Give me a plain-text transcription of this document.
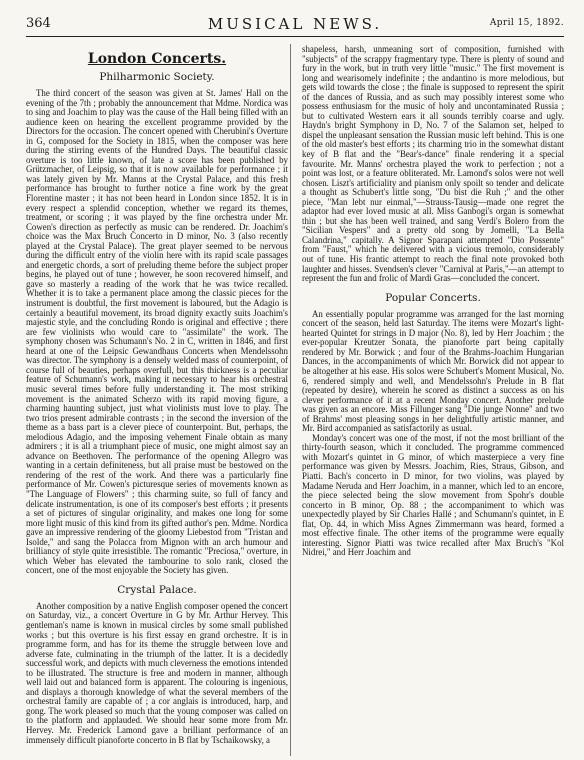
364	MUSICAL NEWS.	April 15, 1892.
London Concerts.
Philharmonic Society.

The third concert of the season was given at St. James' Hall on the evening of the 7th ; probably the announcement that Mdme. Nordica was to sing and Joachim to play was the cause of the Hall being filled with an audience keen on hearing the excellent programme provided by the Directors for the occasion. The concert opened with Cherubini's Overture in G, composed for the Society in 1815, when the composer was here during the stirring events of the Hundred Days. The beautiful classic overture is too little known, of late a score has been published by Grützmacher, of Leipsig, so that it is now available for performance ; it was lately given by Mr. Manns at the Crystal Palace, and this fresh performance has brought to further notice a fine work by the great Florentine master ; it has not been heard in London since 1852. It is in every respect a splendid conception, whether we regard its themes, treatment, or scoring ; it was played by the fine orchestra under Mr. Cowen's direction as perfectly as music can be rendered. Dr. Joachim's choice was the Max Bruch Concerto in D minor, No. 3 (also recently played at the Crystal Palace). The great player seemed to be nervous during the difficult entry of the violin here with its rapid scale passages and energetic chords, a sort of preluding theme before the subject proper begins, he played out of tune ; however, he soon recovered himself, and gave so masterly a reading of the work that he was twice recalled. Whether it is to take a permanent place among the classic pieces for the instrument is doubtful, the first movement is laboured, but the Adagio is certainly a beautiful movement, its broad dignity exactly suits Joachim's majestic style, and the concluding Rondo is original and effective ; there are few violinists who would care to "assimilate" the work. The symphony chosen was Schumann's No. 2 in C, written in 1846, and first heard at one of the Leipsic Gewandhaus Concerts when Mendelssohn was director. The symphony is a densely welded mass of counterpoint, of course full of beauties, perhaps overfull, but this thickness is a peculiar feature of Schumann's work, making it necessary to hear his orchestral music several times before fully understanding it. The most striking movement is the animated Scherzo with its rapid moving figure, a charming haunting subject, just what violinists must love to play. The two trios present admirable contrasts ; in the second the inversion of the theme as a bass part is a clever piece of counterpoint. But, perhaps, the melodious Adagio, and the imposing vehement Finale obtain as many admirers ; it is all a triumphant piece of music, one might almost say an advance on Beethoven. The performance of the opening Allegro was wanting in a certain definiteness, but all praise must be bestowed on the rendering of the rest of the work. And there was a particularly fine performance of Mr. Cowen's picturesque series of movements known as "The Language of Flowers" ; this charming suite, so full of fancy and delicate instrumentation, is one of its composer's best efforts ; it presents a set of pictures of singular originality, and makes one long for some more light music of this kind from its gifted author's pen. Mdme. Nordica gave an impressive rendering of the gloomy Liebestod from "Tristan and Isolde," and sang the Polacca from Mignon with an arch humour and brilliancy of style quite irresistible. The romantic "Preciosa," overture, in which Weber has elevated the tambourine to solo rank, closed the concert, one of the most enjoyable the Society has given.

Crystal Palace.

Another composition by a native English composer opened the concert on Saturday, viz., a concert Overture in G by Mr. Arthur Hervey. This gentleman's name is known in musical circles by some small published works ; but this overture is his first essay en grand orchestre. It is in programme form, and has for its theme the struggle between love and adverse fate, culminating in the triumph of the latter. It is a decidedly successful work, and depicts with much cleverness the emotions intended to be illustrated. The structure is free and modern in manner, although well laid out and balanced form is apparent. The colouring is ingenious, and displays a thorough knowledge of what the several members of the orchestral family are capable of ; a cor anglais is introduced, harp, and gong. The work pleased so much that the young composer was called on to the platform and applauded. We should hear some more from Mr. Hervey. Mr. Frederick Lamond gave a brilliant performance of an immensely difficult pianoforte concerto in B flat by Tschaikowsky, a

shapeless, harsh, unmeaning sort of composition, furnished with "subjects" of the scrappy fragmentary type. There is plenty of sound and fury in the work, but in truth very little "music." The first movement is long and wearisomely indefinite ; the andantino is more melodious, but gets wild towards the close ; the finale is supposed to represent the spirit of the dances of Russia, and as such may possibly interest some who possess enthusiasm for the music of holy and uncontaminated Russia ; but to cultivated Western ears it all sounds terribly coarse and ugly. Haydn's bright Symphony in D, No. 7 of the Salamon set, helped to dispel the unpleasant sensation the Russian music left behind. This is one of the old master's best efforts ; its charming trio in the somewhat distant key of B flat and the "Bear's-dance" finale rendering it a special favourite. Mr. Manns' orchestra played the work to perfection ; not a point was lost, or a feature obliterated. Mr. Lamond's solos were not well chosen. Liszt's artificiality and pianism only spoilt so tender and delicate a thought as Schubert's little song, "Du bist die Ruh ;" and the other piece, "Man lebt nur einmal,"—Strauss-Tausig—made one regret the adaptor had ever loved music at all. Miss Ganbogi's organ is somewhat thin ; but she has been well trained, and sang Verdi's Bolero from the "Sicilian Vespers" and a pretty old song by Jomelli, "La Bella Calandrina," capitally. A Signor Sparapani attempted "Dio Possente" from "Faust," which he delivered with a vicious tremolo, considerably out of tune. His frantic attempt to reach the final note provoked both laughter and hisses. Svendsen's clever "Carnival at Paris,"—an attempt to represent the fun and frolic of Mardi Gras—concluded the concert.

Popular Concerts.

An essentially popular programme was arranged for the last morning concert of the season, held last Saturday. The items were Mozart's light-hearted Quintet for strings in D major (No. 8), led by Herr Joachim ; the ever-popular Kreutzer Sonata, the pianoforte part being capitally rendered by Mr. Borwick ; and four of the Brahms-Joachim Hungarian Dances, in the accompaniments of which Mr. Borwick did not appear to be altogether at his ease. His solos were Schubert's Moment Musical, No. 6, rendered simply and well, and Mendelssohn's Prelude in B flat (repeated by desire), wherein he scored as distinct a success as on his clever performance of it at a recent Monday concert. Another prelude was given as an encore. Miss Fillunger sang "Die junge Nonne" and two of Brahms' most pleasing songs in her delightfully artistic manner, and Mr. Bird accompanied as satisfactorily as usual.

Monday's concert was one of the most, if not the most brilliant of the thirty-fourth season, which it concluded. The programme commenced with Mozart's quintet in G minor, of which masterpiece a very fine performance was given by Messrs. Joachim, Ries, Straus, Gibson, and Piatti. Bach's concerto in D minor, for two violins, was played by Madame Neruda and Herr Joachim, in a manner, which led to an encore, the piece selected being the slow movement from Spohr's double concerto in B minor, Op. 88 ; the accompaniment to which was unexpectedly played by Sir Charles Hallé ; and Schumann's quintet, in E flat, Op. 44, in which Miss Agnes Zimmermann was heard, formed a most effective finale. The other items of the programme were equally interesting. Signor Piatti was twice recalled after Max Bruch's "Kol Nidrei," and Herr Joachim and
